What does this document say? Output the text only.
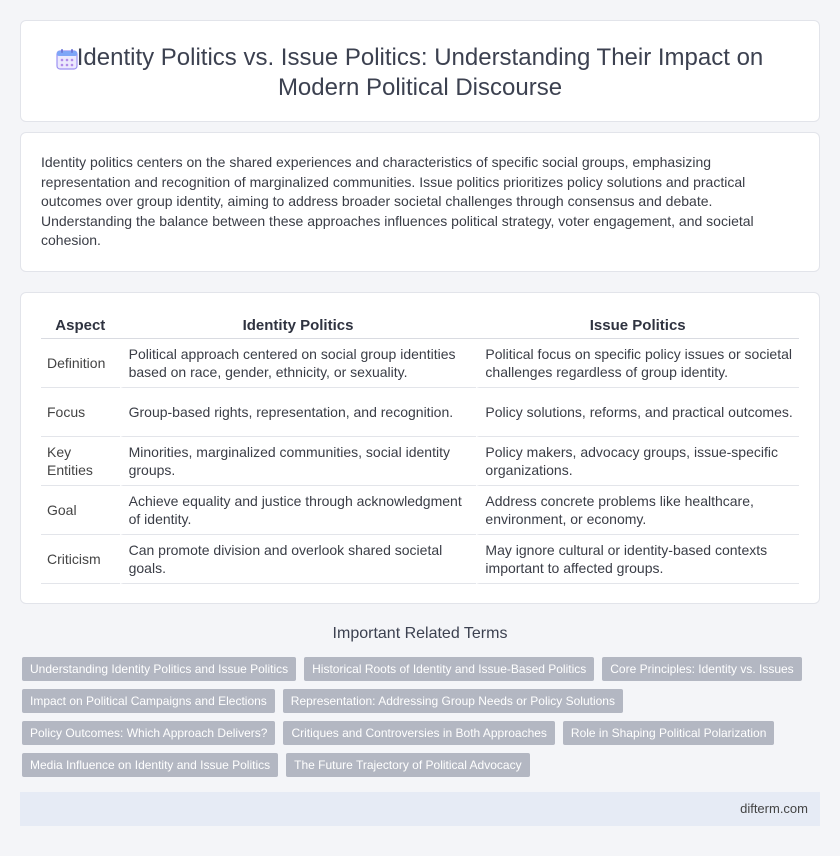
Identity Politics vs. Issue Politics: Understanding Their Impact on
Modern Political Discourse

Identity politics centers on the shared experiences and characteristics of specific social groups, emphasizing representation and recognition of marginalized communities. Issue politics prioritizes policy solutions and practical outcomes over group identity, aiming to address broader societal challenges through consensus and debate. Understanding the balance between these approaches influences political strategy, voter engagement, and societal cohesion.

Aspect	Identity Politics	Issue Politics
Definition	Political approach centered on social group identities based on race, gender, ethnicity, or sexuality.	Political focus on specific policy issues or societal challenges regardless of group identity.
Focus	Group-based rights, representation, and recognition.	Policy solutions, reforms, and practical outcomes.
Key Entities	Minorities, marginalized communities, social identity groups.	Policy makers, advocacy groups, issue-specific organizations.
Goal	Achieve equality and justice through acknowledgment of identity.	Address concrete problems like healthcare, environment, or economy.
Criticism	Can promote division and overlook shared societal goals.	May ignore cultural or identity-based contexts important to affected groups.
Important Related Terms
Understanding Identity Politics and Issue Politics	Historical Roots of Identity and Issue-Based Politics	Core Principles: Identity vs. Issues
Impact on Political Campaigns and Elections	Representation: Addressing Group Needs or Policy Solutions
Policy Outcomes: Which Approach Delivers?	Critiques and Controversies in Both Approaches	Role in Shaping Political Polarization
Media Influence on Identity and Issue Politics	The Future Trajectory of Political Advocacy
difterm.com
